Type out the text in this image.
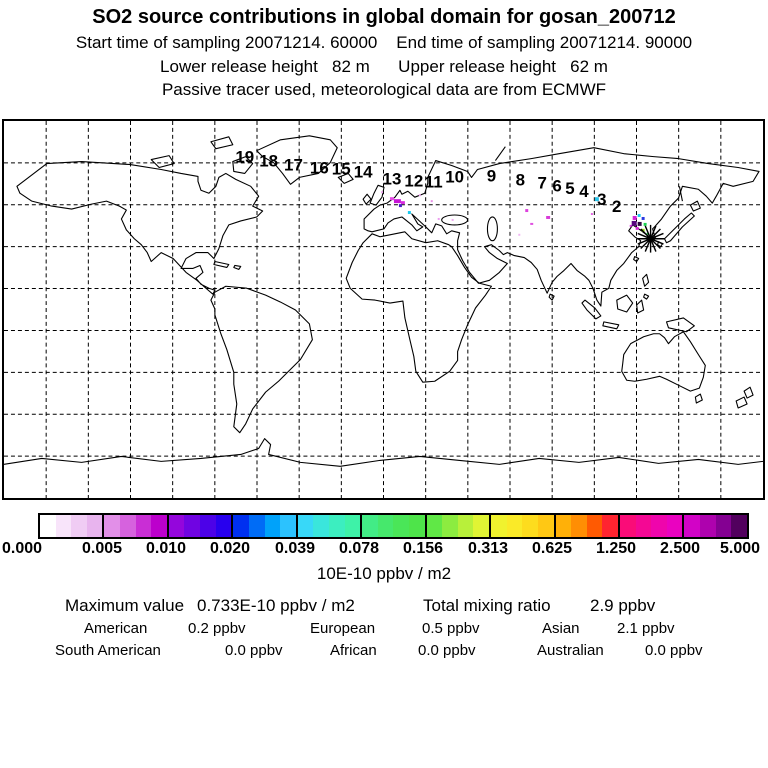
SO2 source contributions in global domain for gosan_200712
Start time of sampling 20071214. 60000 End time of sampling 20071214. 90000
Lower release height   82 m Upper release height   62 m
Passive tracer used, meteorological data are from ECMWF
19 18 17 16 15 14 13 12 11 10 9 8 7 6 5 4 3 2
0.000 0.005 0.010 0.020 0.039 0.078 0.156 0.313 0.625 1.250 2.500 5.000
10E-10 ppbv / m2
Maximum value 0.733E-10 ppbv / m2	Total mixing ratio 2.9 ppbv
American	0.2 ppbv	European	0.5 ppbv	Asian 2.1 ppbv
South American	0.0 ppbv	African	0.0 ppbv	Australian	0.0 ppbv
